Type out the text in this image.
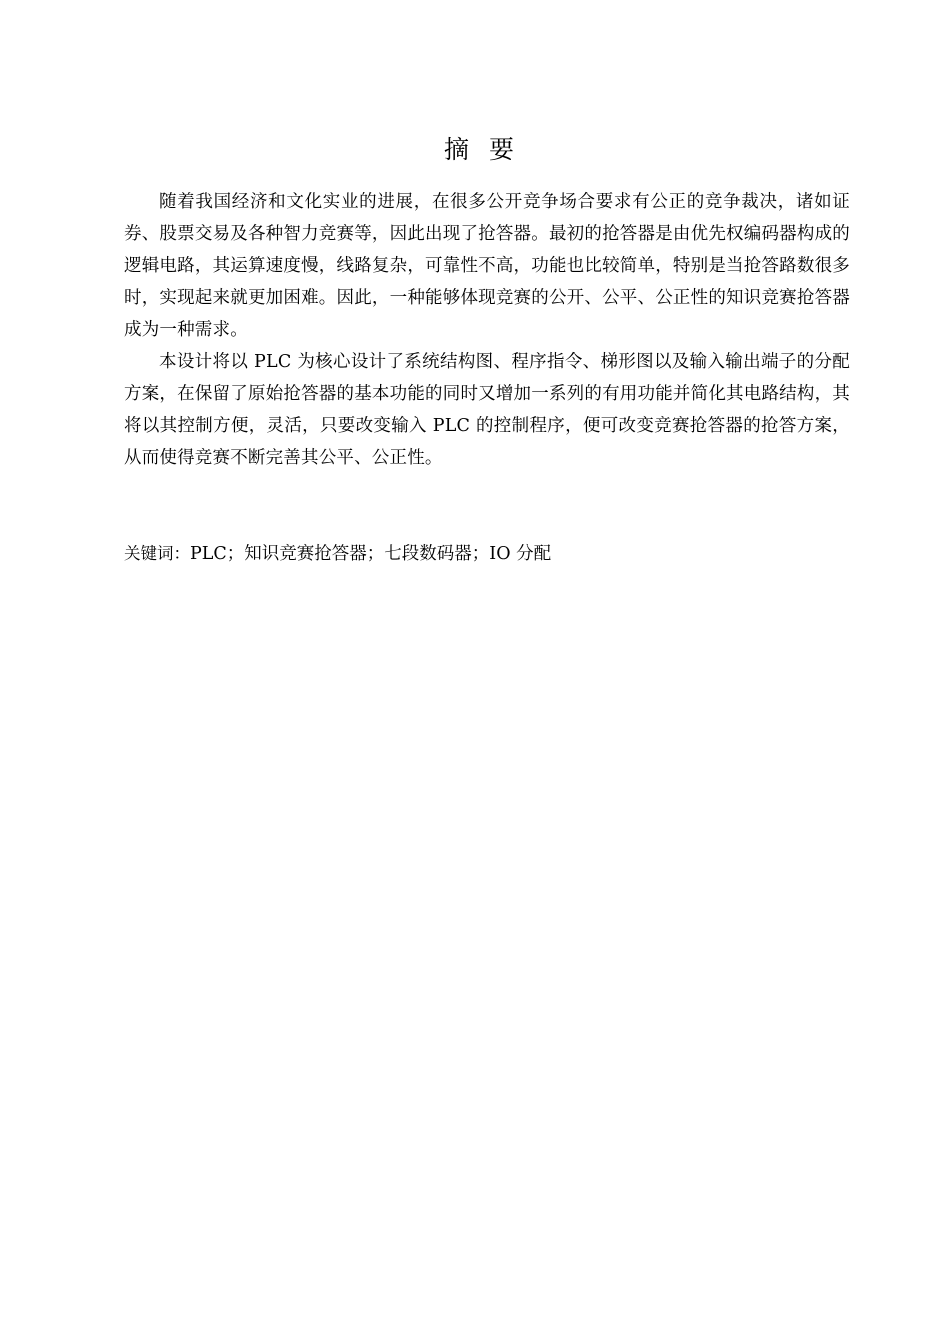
摘 要

随着我国经济和文化实业的进展，在很多公开竞争场合要求有公正的竞争裁决，诸如证券、股票交易及各种智力竞赛等，因此出现了抢答器。最初的抢答器是由优先权编码器构成的逻辑电路，其运算速度慢，线路复杂，可靠性不高，功能也比较简单，特别是当抢答路数很多时，实现起来就更加困难。因此，一种能够体现竞赛的公开、公平、公正性的知识竞赛抢答器成为一种需求。

本设计将以 PLC 为核心设计了系统结构图、程序指令、梯形图以及输入输出端子的分配方案，在保留了原始抢答器的基本功能的同时又增加一系列的有用功能并简化其电路结构，其将以其控制方便，灵活，只要改变输入 PLC 的控制程序，便可改变竞赛抢答器的抢答方案，从而使得竞赛不断完善其公平、公正性。

关键词：PLC；知识竞赛抢答器；七段数码器；IO 分配
